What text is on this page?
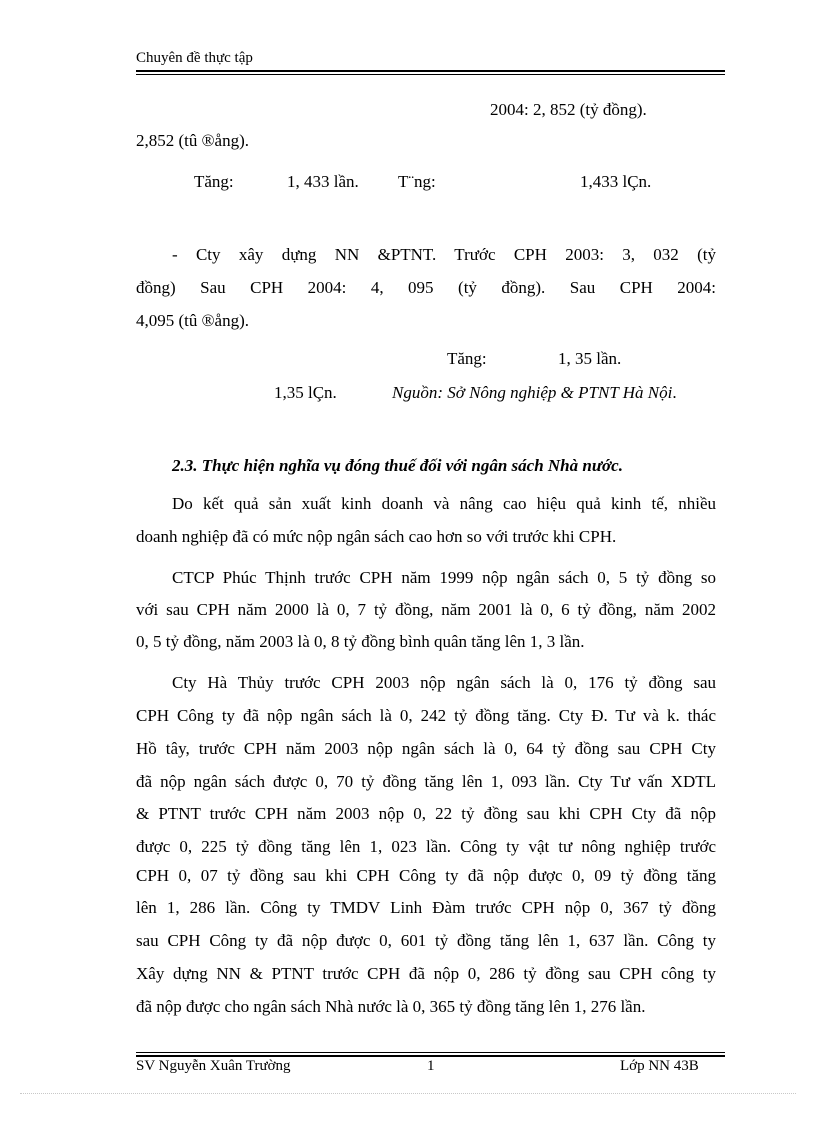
Chuyên đề thực tập
2004: 2, 852 (tỷ đồng).
2,852 (tû ®ång).
Tăng:	1, 433 lần. T¨ng:	1,433 lÇn.
- Cty xây dựng NN &PTNT. Trước CPH 2003: 3, 032 (tỷ
đồng) Sau CPH 2004: 4, 095 (tỷ đồng). Sau CPH 2004:
4,095 (tû ®ång).
Tăng:	1, 35 lần.
1,35 lÇn.	Nguồn: Sở Nông nghiệp & PTNT Hà Nội.
2.3. Thực hiện nghĩa vụ đóng thuế đối với ngân sách Nhà nước.
Do kết quả sản xuất kinh doanh và nâng cao hiệu quả kinh tế, nhiều
doanh nghiệp đã có mức nộp ngân sách cao hơn so với trước khi CPH.
CTCP Phúc Thịnh trước CPH năm 1999 nộp ngân sách 0, 5 tỷ đồng so
với sau CPH năm 2000 là 0, 7 tỷ đồng, năm 2001 là 0, 6 tỷ đồng, năm 2002
0, 5 tỷ đồng, năm 2003 là 0, 8 tỷ đồng bình quân tăng lên 1, 3 lần.
Cty Hà Thủy trước CPH 2003 nộp ngân sách là 0, 176 tỷ đồng sau
CPH Công ty đã nộp ngân sách là 0, 242 tỷ đồng tăng. Cty Đ. Tư và k. thác
Hồ tây, trước CPH năm 2003 nộp ngân sách là 0, 64 tỷ đồng sau CPH Cty
đã nộp ngân sách được 0, 70 tỷ đồng tăng lên 1, 093 lần. Cty Tư vấn XDTL
& PTNT trước CPH năm 2003 nộp 0, 22 tỷ đồng sau khi CPH Cty đã nộp
được 0, 225 tỷ đồng tăng lên 1, 023 lần. Công ty vật tư nông nghiệp trước
CPH 0, 07 tỷ đồng sau khi CPH Công ty đã nộp được 0, 09 tỷ đồng tăng
lên 1, 286 lần. Công ty TMDV Linh Đàm trước CPH nộp 0, 367 tỷ đồng
sau CPH Công ty đã nộp được 0, 601 tỷ đồng tăng lên 1, 637 lần. Công ty
Xây dựng NN & PTNT trước CPH đã nộp 0, 286 tỷ đồng sau CPH công ty
đã nộp được cho ngân sách Nhà nước là 0, 365 tỷ đồng tăng lên 1, 276 lần.
SV Nguyễn Xuân Trường	1	Lớp NN 43B
